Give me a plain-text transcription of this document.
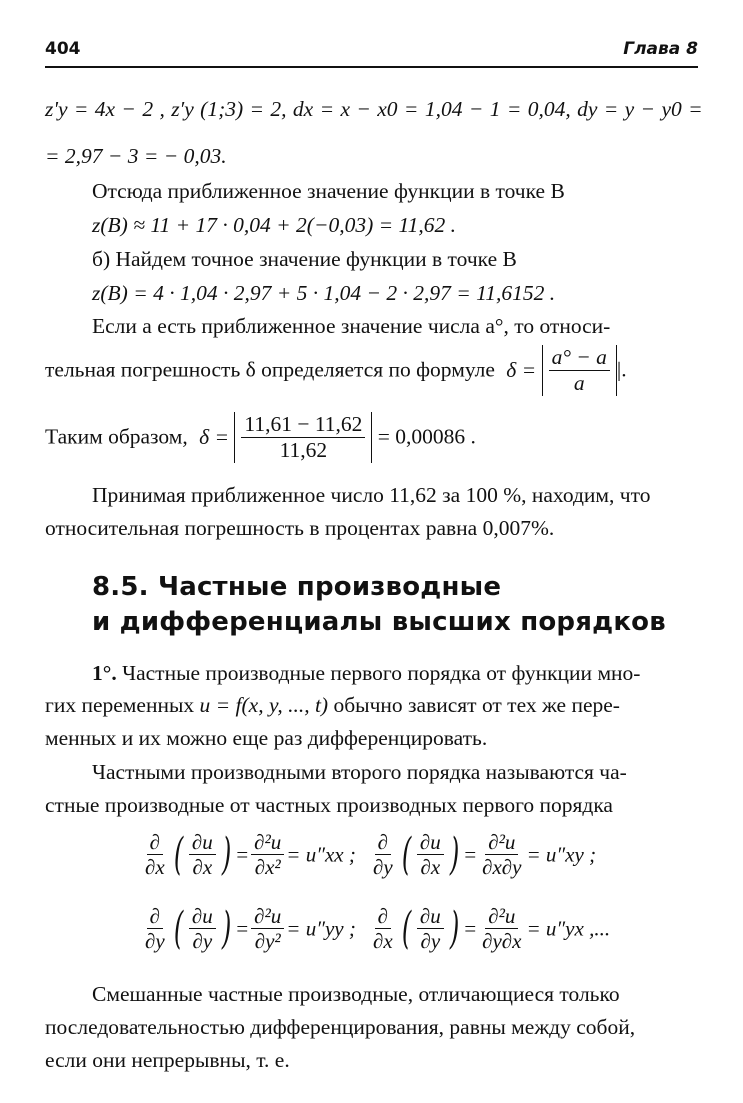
404	Глава 8
z'y = 4x − 2 , z′y (1;3) = 2, dx = x − x0 = 1,04 − 1 = 0,04, dy = y − y0 =
= 2,97 − 3 = − 0,03.
Отсюда приближенное значение функции в точке B
z(B) ≈ 11 + 17 · 0,04 + 2(−0,03) = 11,62 .
б) Найдем точное значение функции в точке B
z(B) = 4 · 1,04 · 2,97 + 5 · 1,04 − 2 · 2,97 = 11,6152 .
Если a есть приближенное значение числа a°, то относи-
тельная погрешность δ определяется по формуле $\delta = \frac{a^\circ - a}{a}$ |.
Таким образом, $\delta = \frac{11,61 - 11,62}{11,62} = 0,00086$ .
Принимая приближенное число 11,62 за 100 %, находим, что
относительная погрешность в процентах равна 0,007%.
8.5. Частные производные
и дифференциалы высших порядков
1°. Частные производные первого порядка от функции мно-
гих переменных u = f(x, y, ..., t) обычно зависят от тех же пере-
менных и их можно еще раз дифференцировать.
Частными производными второго порядка называются ча-
стные производные от частных производных первого порядка
$\frac{\partial}{\partial x}$ ( $\frac{\partial u}{\partial x}$ ) = $\frac{\text{∂²u}}{\text{∂x²}} = u''xx$ ; $\frac{\partial}{\partial y}$ ( $\frac{\partial u}{\partial x}$ ) = $\frac{\text{∂²u}}{\partial x\partial y} = u''xy$ ;
$\frac{\partial}{\partial y}$ ( $\frac{\partial u}{\partial y}$ ) = $\frac{\text{∂²u}}{\text{∂y²}} = u''yy$ ; $\frac{\partial}{\partial x}$ ( $\frac{\partial u}{\partial y}$ ) = $\frac{\text{∂²u}}{\partial y\partial x} = u''yx$ ,...
Смешанные частные производные, отличающиеся только
последовательностью дифференцирования, равны между собой,
если они непрерывны, т. е.
